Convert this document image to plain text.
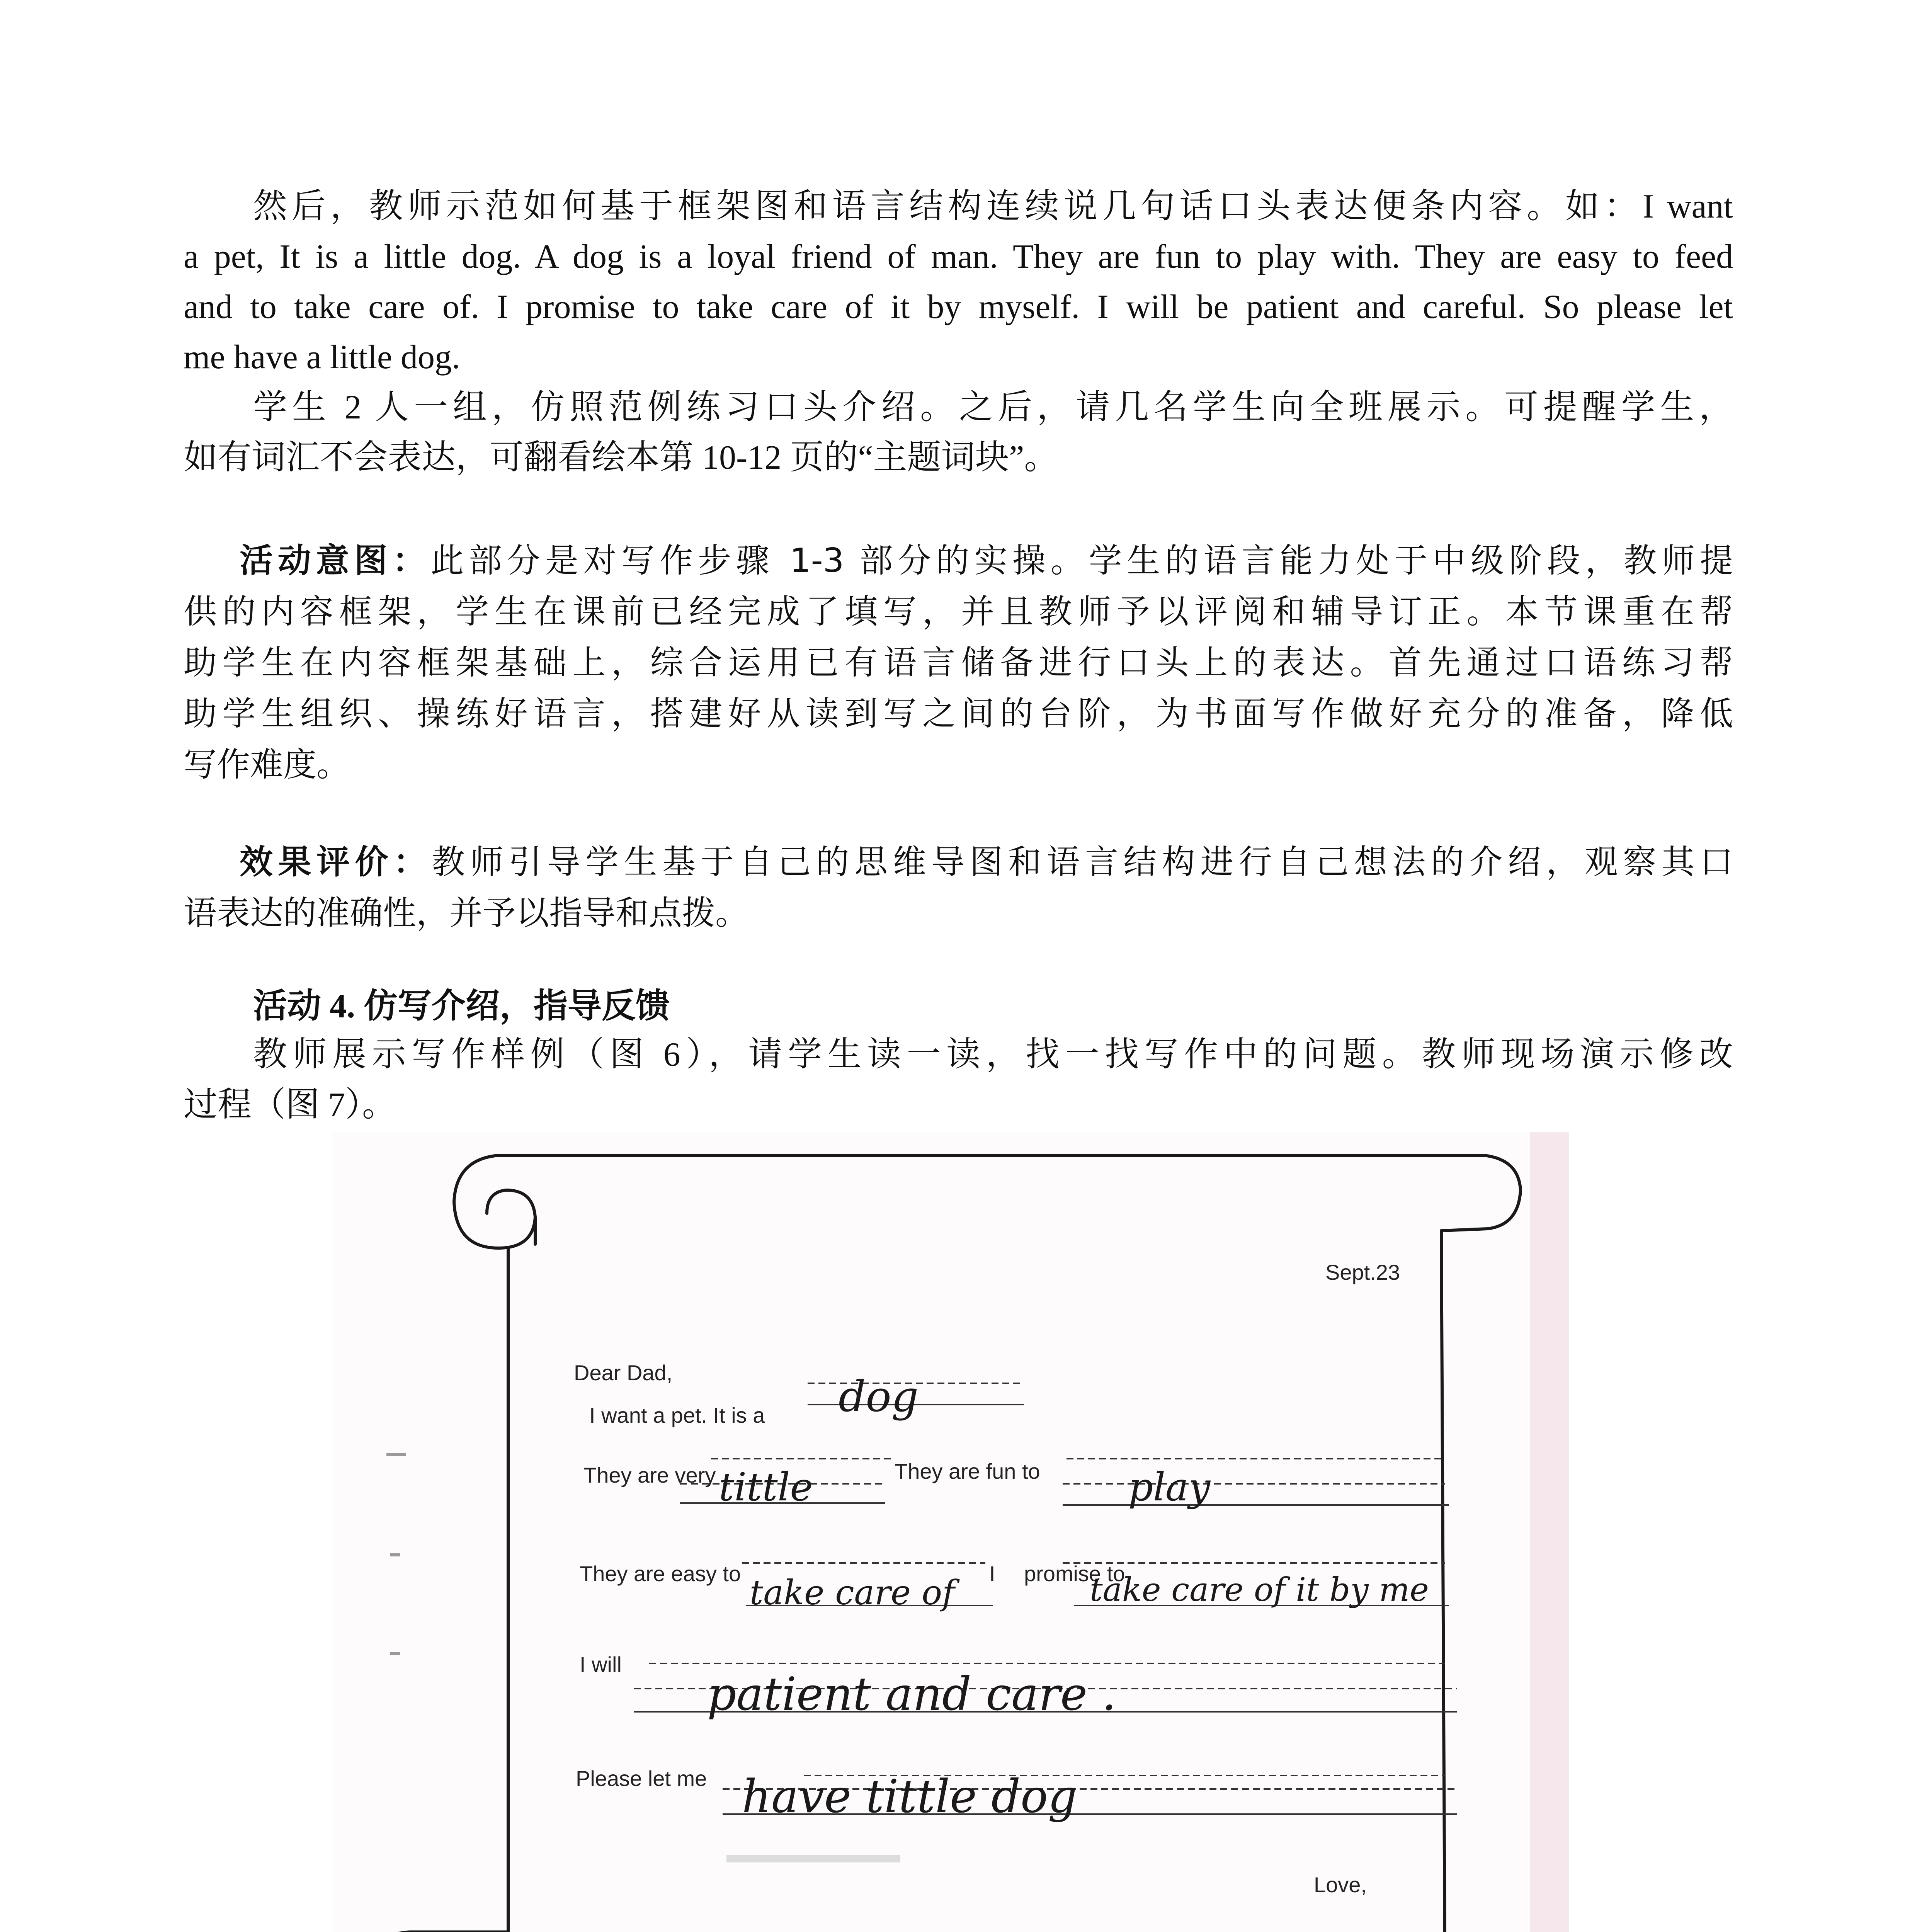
然后，教师示范如何基于框架图和语言结构连续说几句话口头表达便条内容。如：I want
a pet, It is a little dog. A dog is a loyal friend of man. They are fun to play with. They are easy to feed
and to take care of. I promise to take care of it by myself. I will be patient and careful. So please let
me have a little dog.
学生 2 人一组，仿照范例练习口头介绍。之后，请几名学生向全班展示。可提醒学生，
如有词汇不会表达，可翻看绘本第 10-12 页的“主题词块”。
活动意图：此部分是对写作步骤 1-3 部分的实操。学生的语言能力处于中级阶段，教师提
供的内容框架，学生在课前已经完成了填写，并且教师予以评阅和辅导订正。本节课重在帮
助学生在内容框架基础上，综合运用已有语言储备进行口头上的表达。首先通过口语练习帮
助学生组织、操练好语言，搭建好从读到写之间的台阶，为书面写作做好充分的准备，降低
写作难度。
效果评价：教师引导学生基于自己的思维导图和语言结构进行自己想法的介绍，观察其口
语表达的准确性，并予以指导和点拨。
活动 4. 仿写介绍，指导反馈
教师展示写作样例（图 6），请学生读一读，找一找写作中的问题。教师现场演示修改
过程（图 7）。
Sept.23
Dear Dad,
I want a pet. It is a
They are very	They are fun to
They are easy to	I promise to
I will
Please let me
Love,
dog
tittle	play
take care of	take care of it by me
patient and care .
have tittle dog
